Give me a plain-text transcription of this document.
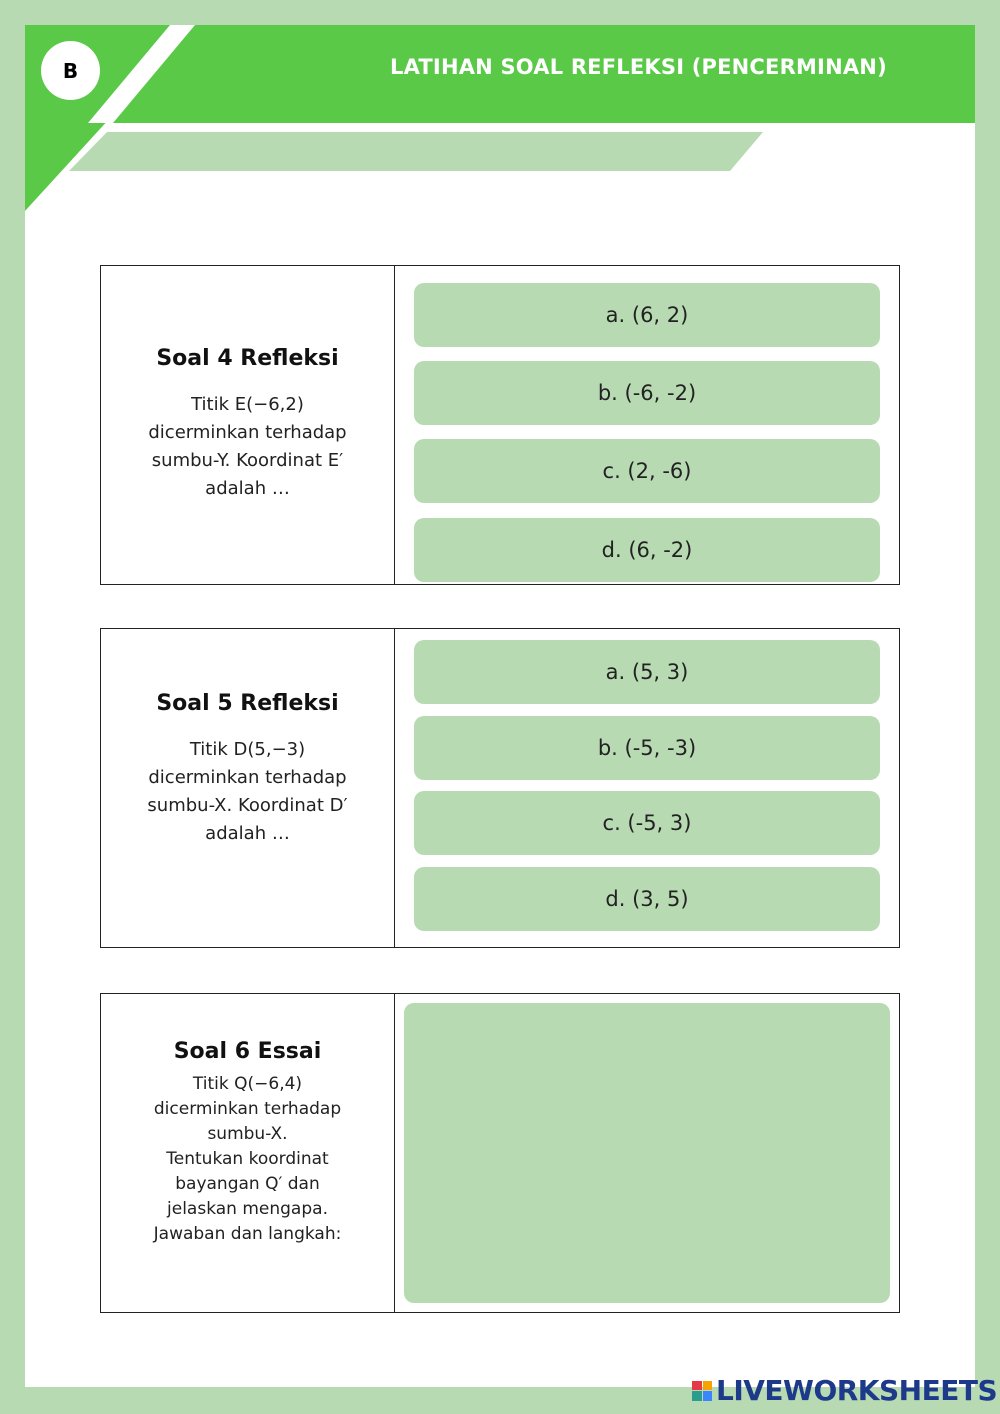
B	LATIHAN SOAL REFLEKSI (PENCERMINAN)
Soal 4 Refleksi
Titik E(−6,2)
dicerminkan terhadap
sumbu-Y. Koordinat E′
adalah …
a. (6, 2)
b. (-6, -2)
c. (2, -6)
d. (6, -2)
Soal 5 Refleksi
Titik D(5,−3)
dicerminkan terhadap
sumbu-X. Koordinat D′
adalah …
a. (5, 3)
b. (-5, -3)
c. (-5, 3)
d. (3, 5)
Soal 6 Essai
Titik Q(−6,4)
dicerminkan terhadap
sumbu-X.
Tentukan koordinat
bayangan Q′ dan
jelaskan mengapa.
Jawaban dan langkah:
LIVEWORKSHEETS
